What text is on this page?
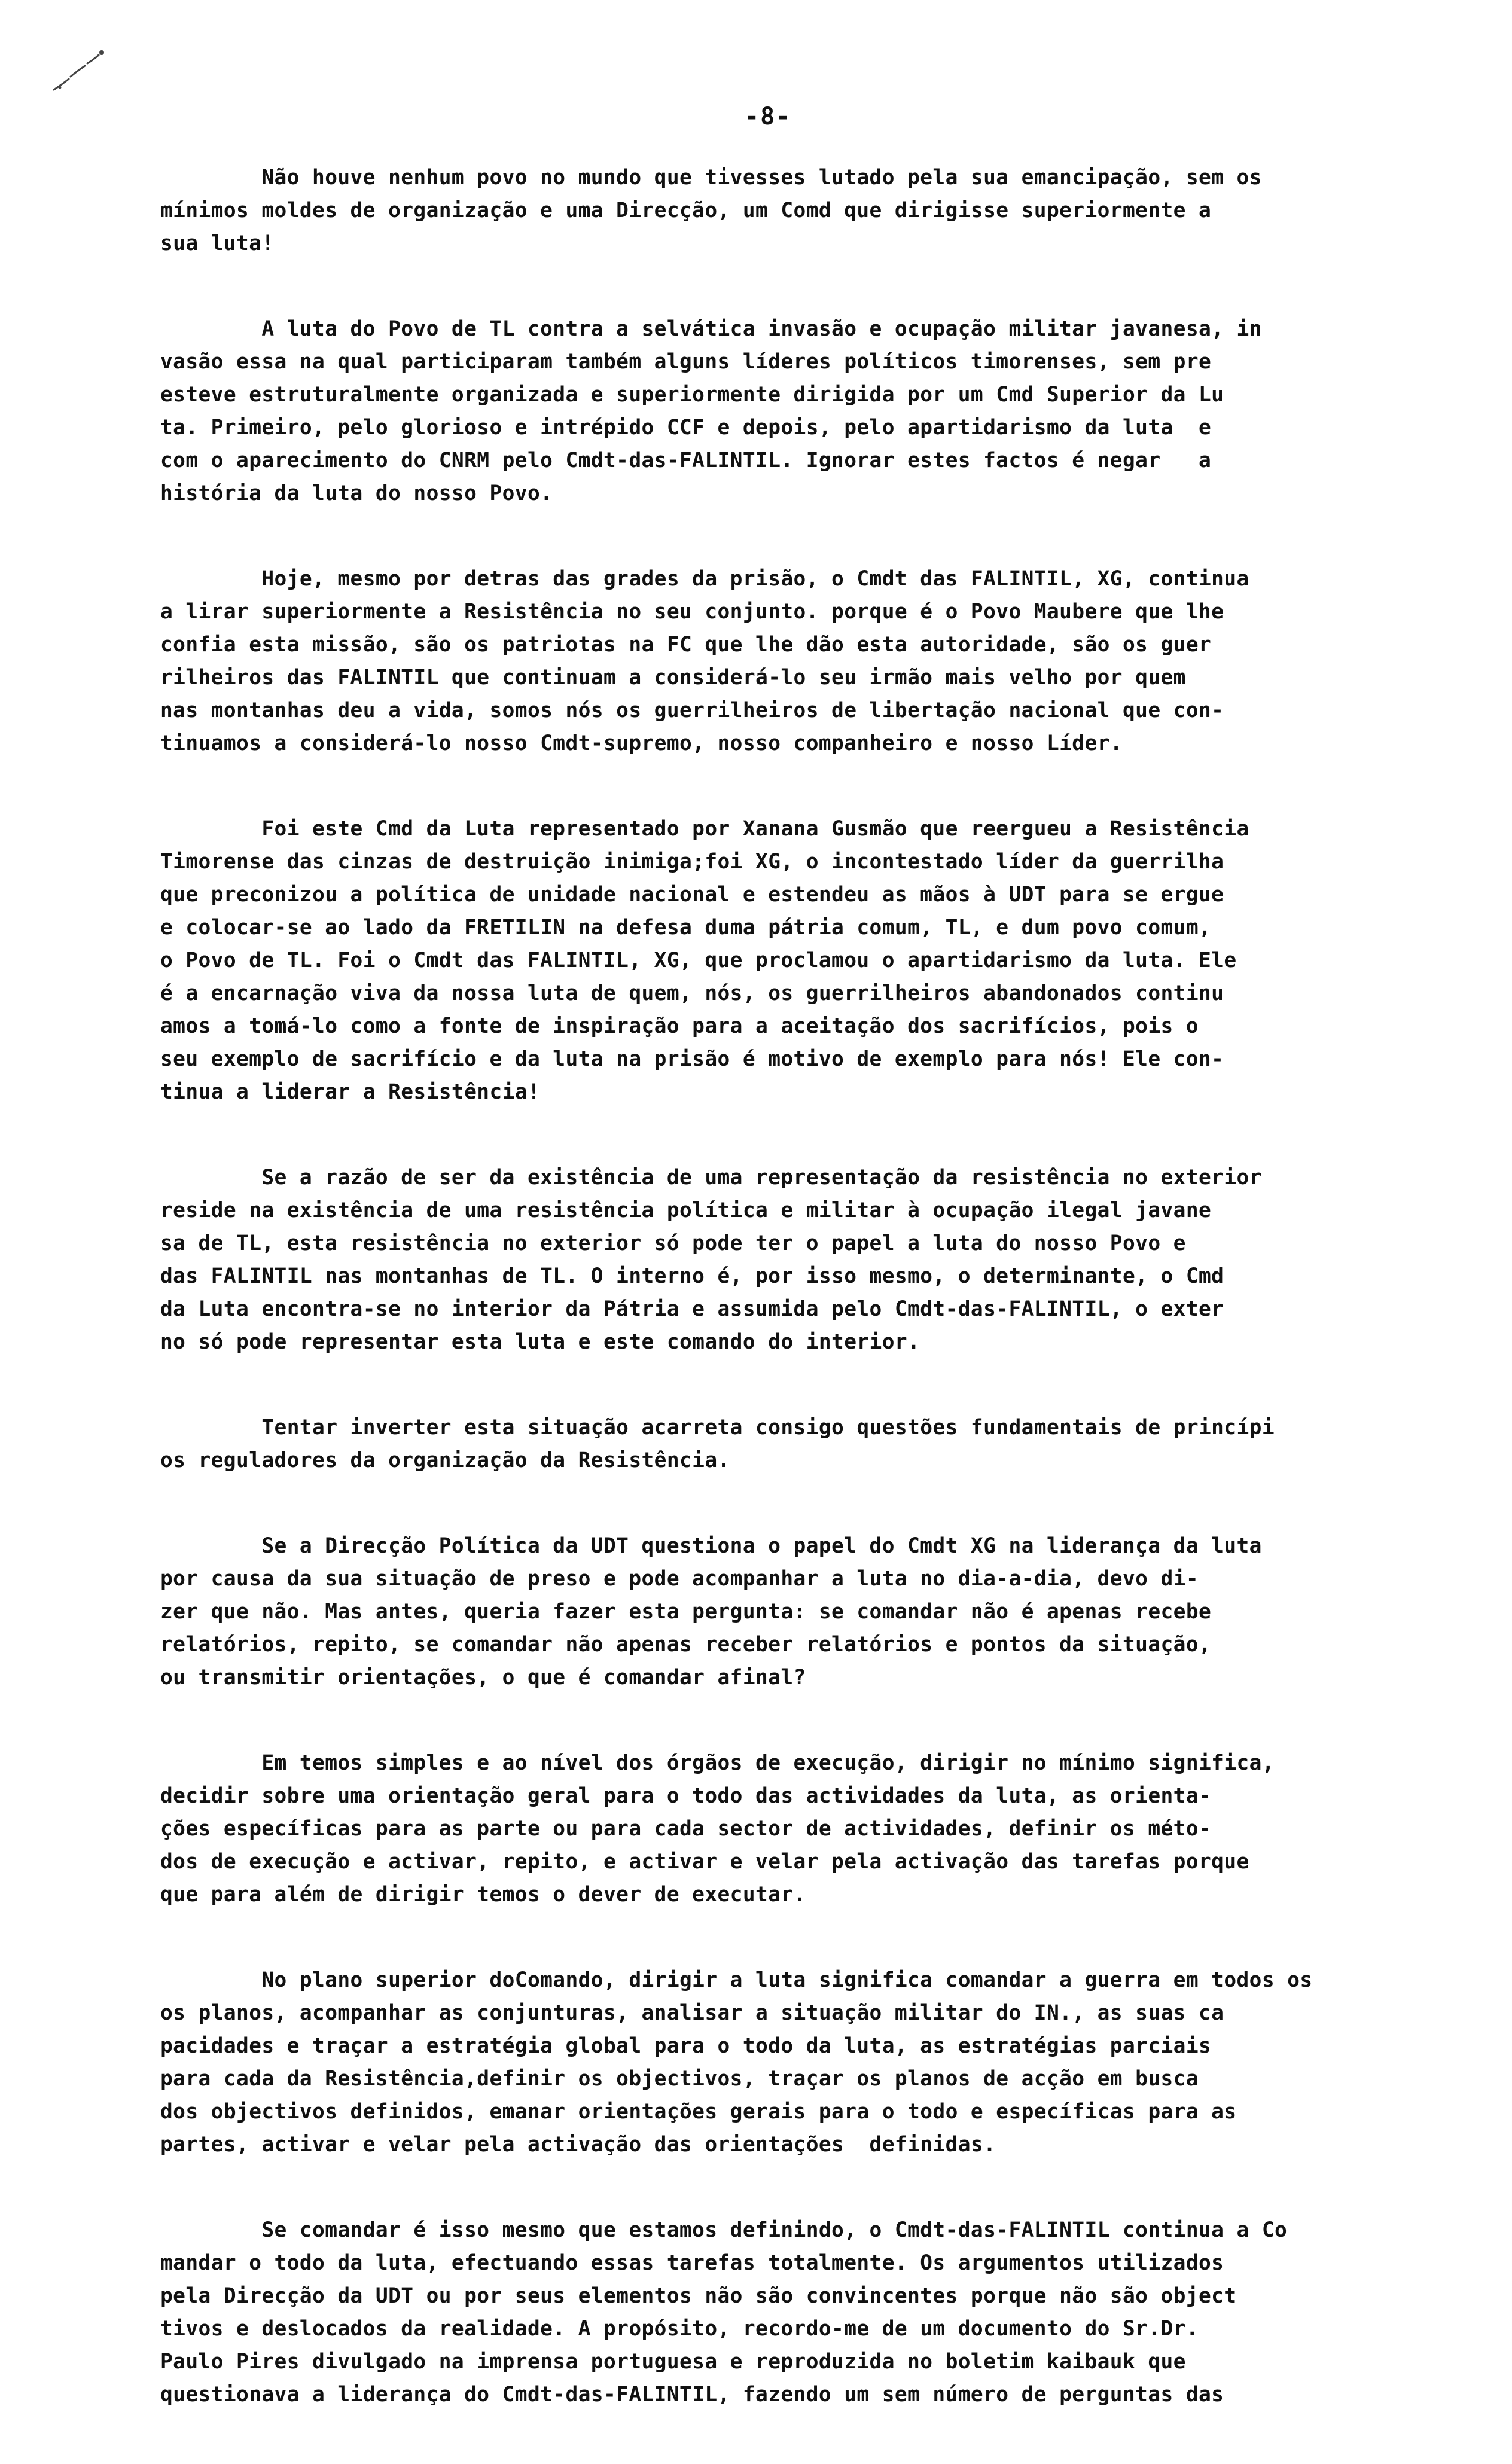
-8-
Não houve nenhum povo no mundo que tivesses lutado pela sua emancipação, sem os
mínimos moldes de organização e uma Direcção, um Comd que dirigisse superiormente a
sua luta!
A luta do Povo de TL contra a selvática invasão e ocupação militar javanesa, in
vasão essa na qual participaram também alguns líderes políticos timorenses, sem pre
esteve estruturalmente organizada e superiormente dirigida por um Cmd Superior da Lu
ta. Primeiro, pelo glorioso e intrépido CCF e depois, pelo apartidarismo da luta  e
com o aparecimento do CNRM pelo Cmdt-das-FALINTIL. Ignorar estes factos é negar   a
história da luta do nosso Povo.
Hoje, mesmo por detras das grades da prisão, o Cmdt das FALINTIL, XG, continua
a lirar superiormente a Resistência no seu conjunto. porque é o Povo Maubere que lhe
confia esta missão, são os patriotas na FC que lhe dão esta autoridade, são os guer
rilheiros das FALINTIL que continuam a considerá-lo seu irmão mais velho por quem
nas montanhas deu a vida, somos nós os guerrilheiros de libertação nacional que con-
tinuamos a considerá-lo nosso Cmdt-supremo, nosso companheiro e nosso Líder.
Foi este Cmd da Luta representado por Xanana Gusmão que reergueu a Resistência
Timorense das cinzas de destruição inimiga;foi XG, o incontestado líder da guerrilha
que preconizou a política de unidade nacional e estendeu as mãos à UDT para se ergue
e colocar-se ao lado da FRETILIN na defesa duma pátria comum, TL, e dum povo comum,
o Povo de TL. Foi o Cmdt das FALINTIL, XG, que proclamou o apartidarismo da luta. Ele
é a encarnação viva da nossa luta de quem, nós, os guerrilheiros abandonados continu
amos a tomá-lo como a fonte de inspiração para a aceitação dos sacrifícios, pois o
seu exemplo de sacrifício e da luta na prisão é motivo de exemplo para nós! Ele con-
tinua a liderar a Resistência!
Se a razão de ser da existência de uma representação da resistência no exterior
reside na existência de uma resistência política e militar à ocupação ilegal javane
sa de TL, esta resistência no exterior só pode ter o papel a luta do nosso Povo e
das FALINTIL nas montanhas de TL. O interno é, por isso mesmo, o determinante, o Cmd
da Luta encontra-se no interior da Pátria e assumida pelo Cmdt-das-FALINTIL, o exter
no só pode representar esta luta e este comando do interior.
Tentar inverter esta situação acarreta consigo questões fundamentais de princípi
os reguladores da organização da Resistência.
Se a Direcção Política da UDT questiona o papel do Cmdt XG na liderança da luta
por causa da sua situação de preso e pode acompanhar a luta no dia-a-dia, devo di-
zer que não. Mas antes, queria fazer esta pergunta: se comandar não é apenas recebe
relatórios, repito, se comandar não apenas receber relatórios e pontos da situação,
ou transmitir orientações, o que é comandar afinal?
Em temos simples e ao nível dos órgãos de execução, dirigir no mínimo significa,
decidir sobre uma orientação geral para o todo das actividades da luta, as orienta-
ções específicas para as parte ou para cada sector de actividades, definir os méto-
dos de execução e activar, repito, e activar e velar pela activação das tarefas porque
que para além de dirigir temos o dever de executar.
No plano superior doComando, dirigir a luta significa comandar a guerra em todos os
os planos, acompanhar as conjunturas, analisar a situação militar do IN., as suas ca
pacidades e traçar a estratégia global para o todo da luta, as estratégias parciais
para cada da Resistência,definir os objectivos, traçar os planos de acção em busca
dos objectivos definidos, emanar orientações gerais para o todo e específicas para as
partes, activar e velar pela activação das orientações  definidas.
Se comandar é isso mesmo que estamos definindo, o Cmdt-das-FALINTIL continua a Co
mandar o todo da luta, efectuando essas tarefas totalmente. Os argumentos utilizados
pela Direcção da UDT ou por seus elementos não são convincentes porque não são object
tivos e deslocados da realidade. A propósito, recordo-me de um documento do Sr.Dr.
Paulo Pires divulgado na imprensa portuguesa e reproduzida no boletim kaibauk que
questionava a liderança do Cmdt-das-FALINTIL, fazendo um sem número de perguntas das
